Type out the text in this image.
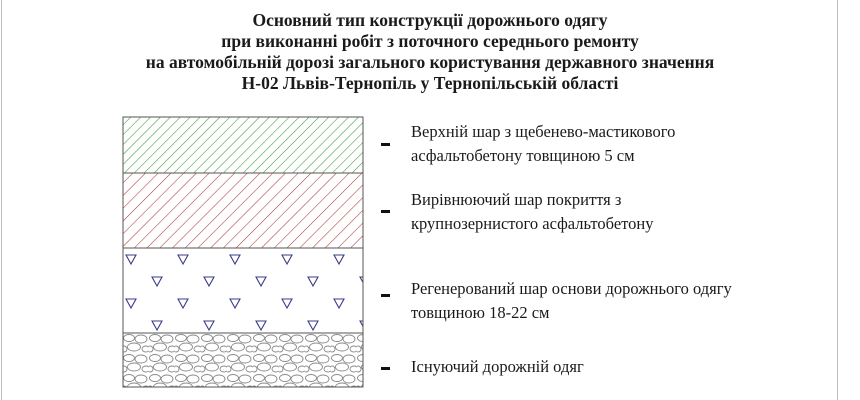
Основний тип конструкції дорожнього одягу
при виконанні робіт з поточного середнього ремонту
на автомобільній дорозі загального користування державного значення
Н-02 Львів-Тернопіль у Тернопільській області
Верхній шар з щебенево-мастикового
асфальтобетону товщиною 5 см
Вирівнюючий шар покриття з
крупнозернистого асфальтобетону
Регенерований шар основи дорожнього одягу
товщиною 18-22 см
Існуючий дорожній одяг
